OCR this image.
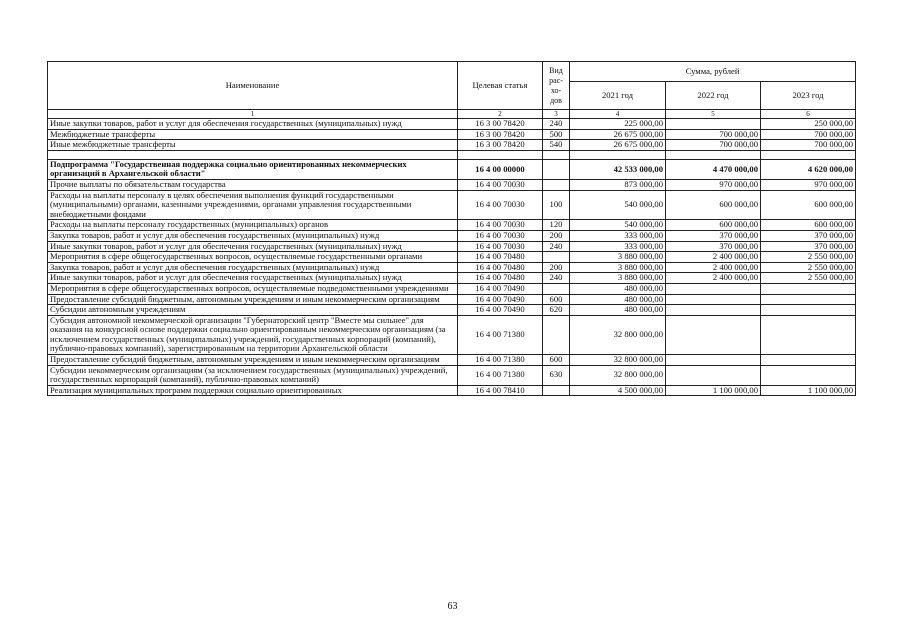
Наименование	Целевая статья	Вид рас-хо-дов	Сумма, рублей		
			2021 год	2022 год	2023 год
1	2	3	4	5	6
Иные закупки товаров, работ и услуг для обеспечения государственных (муниципальных) нужд	16 3 00 78420	240	225 000,00		250 000,00
Межбюджетные трансферты	16 3 00 78420	500	26 675 000,00	700 000,00	700 000,00
Иные межбюджетные трансферты	16 3 00 78420	540	26 675 000,00	700 000,00	700 000,00

Подпрограмма "Государственная поддержка социально ориентированных некоммерческих организаций в Архангельской области"	16 4 00 00000		42 533 000,00	4 470 000,00	4 620 000,00
Прочие выплаты по обязательствам государства	16 4 00 70030		873 000,00	970 000,00	970 000,00
Расходы на выплаты персоналу в целях обеспечения выполнения функций государственными (муниципальными) органами, казенными учреждениями, органами управления государственными внебюджетными фондами	16 4 00 70030	100	540 000,00	600 000,00	600 000,00
Расходы на выплаты персоналу государственных (муниципальных) органов	16 4 00 70030	120	540 000,00	600 000,00	600 000,00
Закупка товаров, работ и услуг для обеспечения государственных (муниципальных) нужд	16 4 00 70030	200	333 000,00	370 000,00	370 000,00
Иные закупки товаров, работ и услуг для обеспечения государственных (муниципальных) нужд	16 4 00 70030	240	333 000,00	370 000,00	370 000,00
Мероприятия в сфере общегосударственных вопросов, осуществляемые государственными органами	16 4 00 70480		3 880 000,00	2 400 000,00	2 550 000,00
Закупка товаров, работ и услуг для обеспечения государственных (муниципальных) нужд	16 4 00 70480	200	3 880 000,00	2 400 000,00	2 550 000,00
Иные закупки товаров, работ и услуг для обеспечения государственных (муниципальных) нужд	16 4 00 70480	240	3 880 000,00	2 400 000,00	2 550 000,00
Мероприятия в сфере общегосударственных вопросов, осуществляемые подведомственными учреждениями	16 4 00 70490		480 000,00		
Предоставление субсидий бюджетным, автономным учреждениям и иным некоммерческим организациям	16 4 00 70490	600	480 000,00		
Субсидии автономным учреждениям	16 4 00 70490	620	480 000,00		
Субсидия автономной некоммерческой организации "Губернаторский центр "Вместе мы сильнее" для оказания на конкурсной основе поддержки социально ориентированным некоммерческим организациям (за исключением государственных (муниципальных) учреждений, государственных корпораций (компаний), публично-правовых компаний), зарегистрированным на территории Архангельской области	16 4 00 71380		32 800 000,00		
Предоставление субсидий бюджетным, автономным учреждениям и иным некоммерческим организациям	16 4 00 71380	600	32 800 000,00		
Субсидии некоммерческим организациям (за исключением государственных (муниципальных) учреждений, государственных корпораций (компаний), публично-правовых компаний)	16 4 00 71380	630	32 800 000,00		
Реализация муниципальных программ поддержки социально ориентированных	16 4 00 78410		4 500 000,00	1 100 000,00	1 100 000,00
63
